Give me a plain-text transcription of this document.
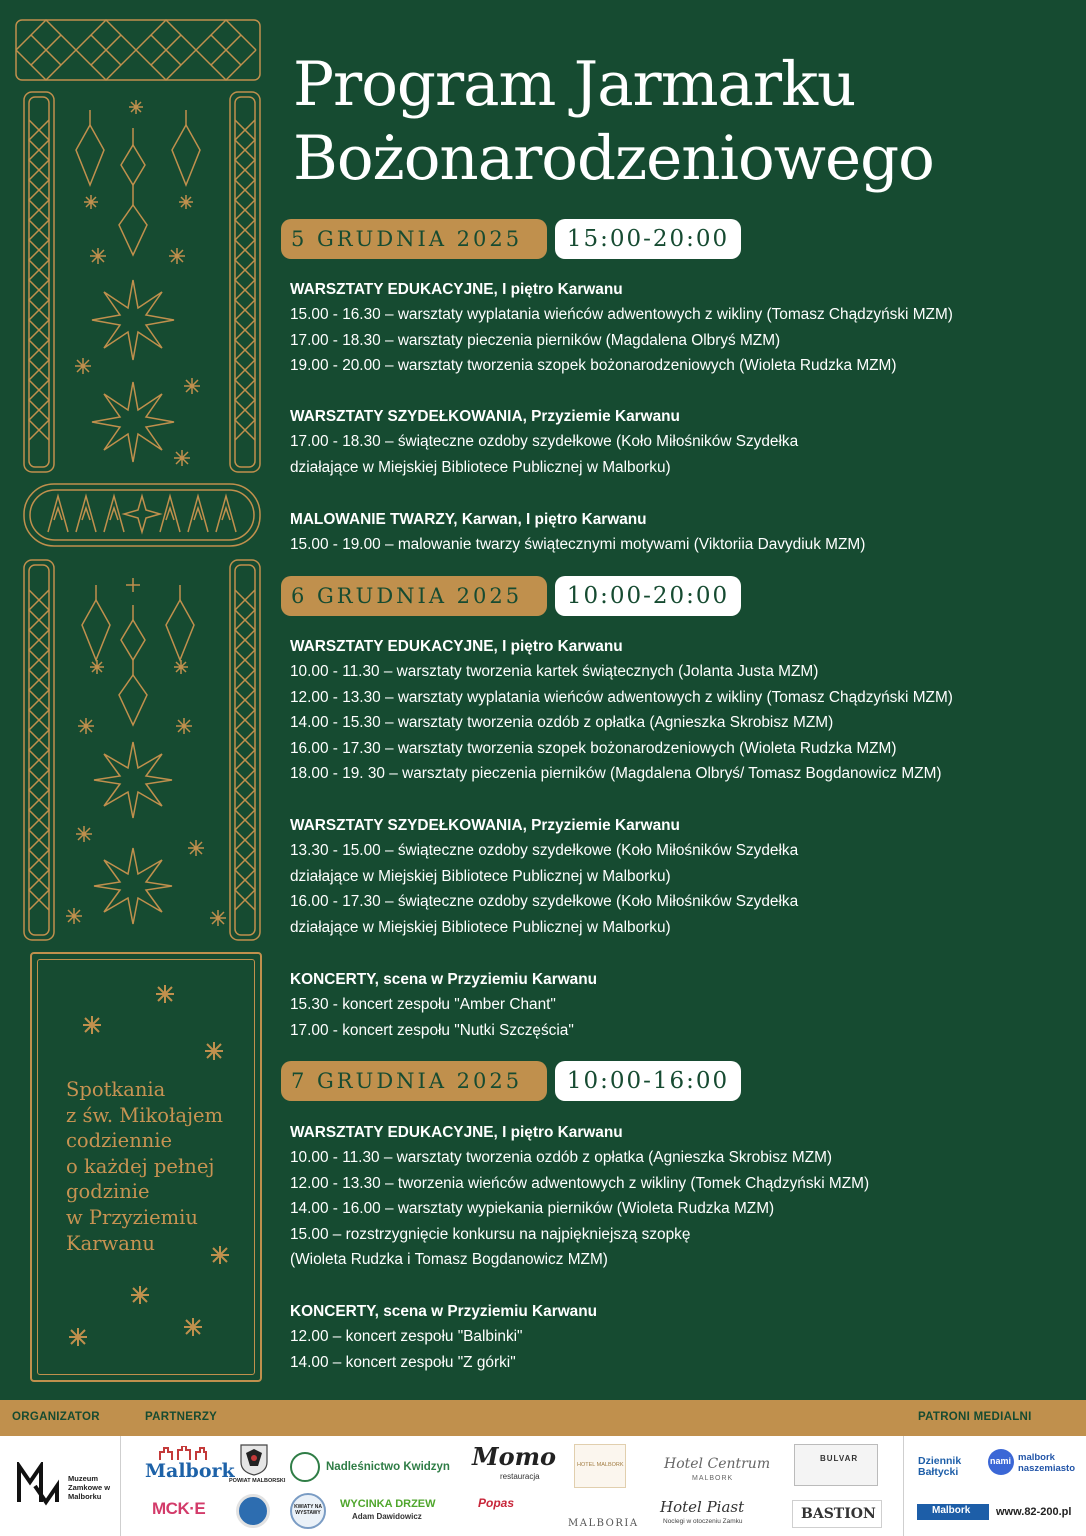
Spotkania
z św. Mikołajem
codziennie
o każdej pełnej
godzinie
w Przyziemiu
Karwanu
Program Jarmarku
Bożonarodzeniowego
5 GRUDNIA 2025	15:00-20:00
WARSZTATY EDUKACYJNE, I piętro Karwanu
15.00 - 16.30 – warsztaty wyplatania wieńców adwentowych z wikliny (Tomasz Chądzyński MZM)
17.00 - 18.30 – warsztaty pieczenia pierników (Magdalena Olbryś MZM)
19.00 - 20.00 – warsztaty tworzenia szopek bożonarodzeniowych (Wioleta Rudzka MZM)
WARSZTATY SZYDEŁKOWANIA, Przyziemie Karwanu
17.00 - 18.30 – świąteczne ozdoby szydełkowe (Koło Miłośników Szydełka
działające w Miejskiej Bibliotece Publicznej w Malborku)
MALOWANIE TWARZY, Karwan, I piętro Karwanu
15.00 - 19.00 – malowanie twarzy świątecznymi motywami (Viktoriia Davydiuk MZM)
6 GRUDNIA 2025	10:00-20:00
WARSZTATY EDUKACYJNE, I piętro Karwanu
10.00 - 11.30 – warsztaty tworzenia kartek świątecznych (Jolanta Justa MZM)
12.00 - 13.30 – warsztaty wyplatania wieńców adwentowych z wikliny (Tomasz Chądzyński MZM)
14.00 - 15.30 – warsztaty tworzenia ozdób z opłatka (Agnieszka Skrobisz MZM)
16.00 - 17.30 – warsztaty tworzenia szopek bożonarodzeniowych (Wioleta Rudzka MZM)
18.00 - 19. 30 – warsztaty pieczenia pierników (Magdalena Olbryś/ Tomasz Bogdanowicz MZM)
WARSZTATY SZYDEŁKOWANIA, Przyziemie Karwanu
13.30 - 15.00 – świąteczne ozdoby szydełkowe (Koło Miłośników Szydełka
działające w Miejskiej Bibliotece Publicznej w Malborku)
16.00 - 17.30 – świąteczne ozdoby szydełkowe (Koło Miłośników Szydełka
działające w Miejskiej Bibliotece Publicznej w Malborku)
KONCERTY, scena w Przyziemiu Karwanu
15.30 - koncert zespołu "Amber Chant"
17.00 - koncert zespołu "Nutki Szczęścia"
7 GRUDNIA 2025	10:00-16:00
WARSZTATY EDUKACYJNE, I piętro Karwanu
10.00 - 11.30 – warsztaty tworzenia ozdób z opłatka (Agnieszka Skrobisz MZM)
12.00 - 13.30 – tworzenia wieńców adwentowych z wikliny (Tomek Chądzyński MZM)
14.00 - 16.00 – warsztaty wypiekania pierników (Wioleta Rudzka MZM)
15.00 – rozstrzygnięcie konkursu na najpiękniejszą szopkę
(Wioleta Rudzka i Tomasz Bogdanowicz MZM)
KONCERTY, scena w Przyziemiu Karwanu
12.00 – koncert zespołu "Balbinki"
14.00 – koncert zespołu "Z górki"
ORGANIZATOR	PARTNERZY	PATRONI MEDIALNI
Muzeum Zamkowe w Malborku
Malbork
MCK·E
POWIAT MALBORSKI
Nadleśnictwo Kwidzyn
KWIATY NA WYSTAWY
WYCINKA DRZEW
Adam Dawidowicz
Momo
restauracja
Popas
HOTEL MALBORK
MALBORIA
Hotel Centrum
MALBORK
Hotel Piast
Noclegi w otoczeniu Zamku
BULVAR
BASTION
Dziennik Bałtycki
nami malbork naszemiasto
Malbork www.82-200.pl
